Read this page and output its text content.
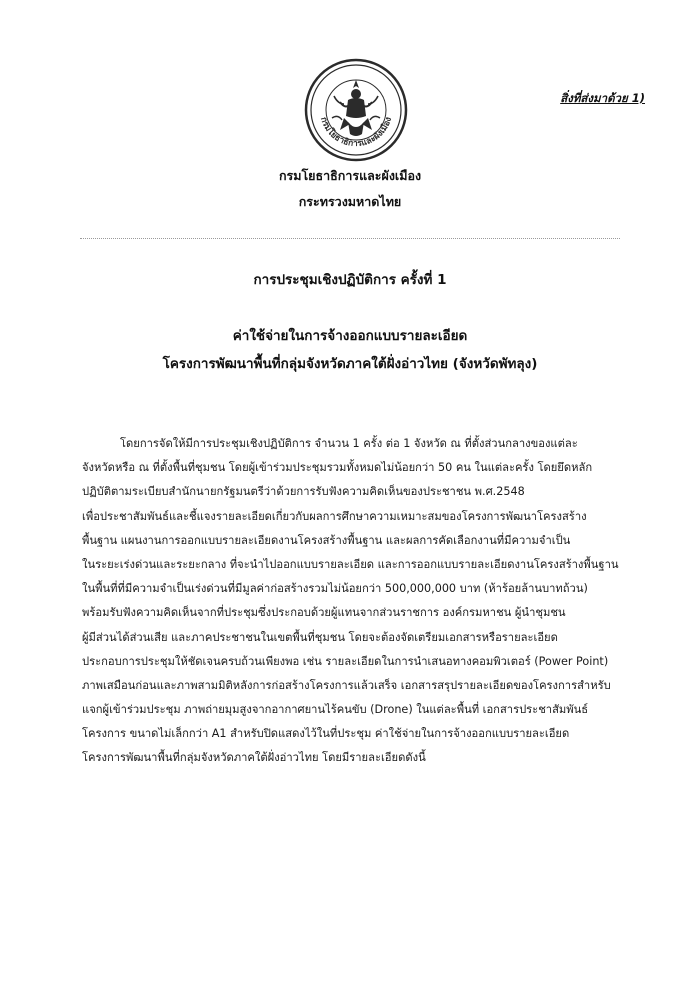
กรมโยธาธิการและผังเมือง
สิ่งที่ส่งมาด้วย 1)
กรมโยธาธิการและผังเมือง
กระทรวงมหาดไทย
การประชุมเชิงปฏิบัติการ ครั้งที่ 1
ค่าใช้จ่ายในการจ้างออกแบบรายละเอียด
โครงการพัฒนาพื้นที่กลุ่มจังหวัดภาคใต้ฝั่งอ่าวไทย (จังหวัดพัทลุง)
โดยการจัดให้มีการประชุมเชิงปฏิบัติการ จำนวน 1 ครั้ง ต่อ 1 จังหวัด ณ ที่ตั้งส่วนกลางของแต่ละ
จังหวัดหรือ ณ ที่ตั้งพื้นที่ชุมชน โดยผู้เข้าร่วมประชุมรวมทั้งหมดไม่น้อยกว่า 50 คน ในแต่ละครั้ง โดยยึดหลัก
ปฏิบัติตามระเบียบสำนักนายกรัฐมนตรีว่าด้วยการรับฟังความคิดเห็นของประชาชน พ.ศ.2548
เพื่อประชาสัมพันธ์และชี้แจงรายละเอียดเกี่ยวกับผลการศึกษาความเหมาะสมของโครงการพัฒนาโครงสร้าง
พื้นฐาน แผนงานการออกแบบรายละเอียดงานโครงสร้างพื้นฐาน และผลการคัดเลือกงานที่มีความจำเป็น
ในระยะเร่งด่วนและระยะกลาง ที่จะนำไปออกแบบรายละเอียด และการออกแบบรายละเอียดงานโครงสร้างพื้นฐาน
ในพื้นที่ที่มีความจำเป็นเร่งด่วนที่มีมูลค่าก่อสร้างรวมไม่น้อยกว่า 500,000,000 บาท (ห้าร้อยล้านบาทถ้วน)
พร้อมรับฟังความคิดเห็นจากที่ประชุมซึ่งประกอบด้วยผู้แทนจากส่วนราชการ องค์กรมหาชน ผู้นำชุมชน
ผู้มีส่วนได้ส่วนเสีย และภาคประชาชนในเขตพื้นที่ชุมชน โดยจะต้องจัดเตรียมเอกสารหรือรายละเอียด
ประกอบการประชุมให้ชัดเจนครบถ้วนเพียงพอ เช่น รายละเอียดในการนำเสนอทางคอมพิวเตอร์ (Power Point)
ภาพเสมือนก่อนและภาพสามมิติหลังการก่อสร้างโครงการแล้วเสร็จ เอกสารสรุปรายละเอียดของโครงการสำหรับ
แจกผู้เข้าร่วมประชุม ภาพถ่ายมุมสูงจากอากาศยานไร้คนขับ (Drone) ในแต่ละพื้นที่ เอกสารประชาสัมพันธ์
โครงการ ขนาดไม่เล็กกว่า A1 สำหรับปิดแสดงไว้ในที่ประชุม ค่าใช้จ่ายในการจ้างออกแบบรายละเอียด
โครงการพัฒนาพื้นที่กลุ่มจังหวัดภาคใต้ฝั่งอ่าวไทย โดยมีรายละเอียดดังนี้
